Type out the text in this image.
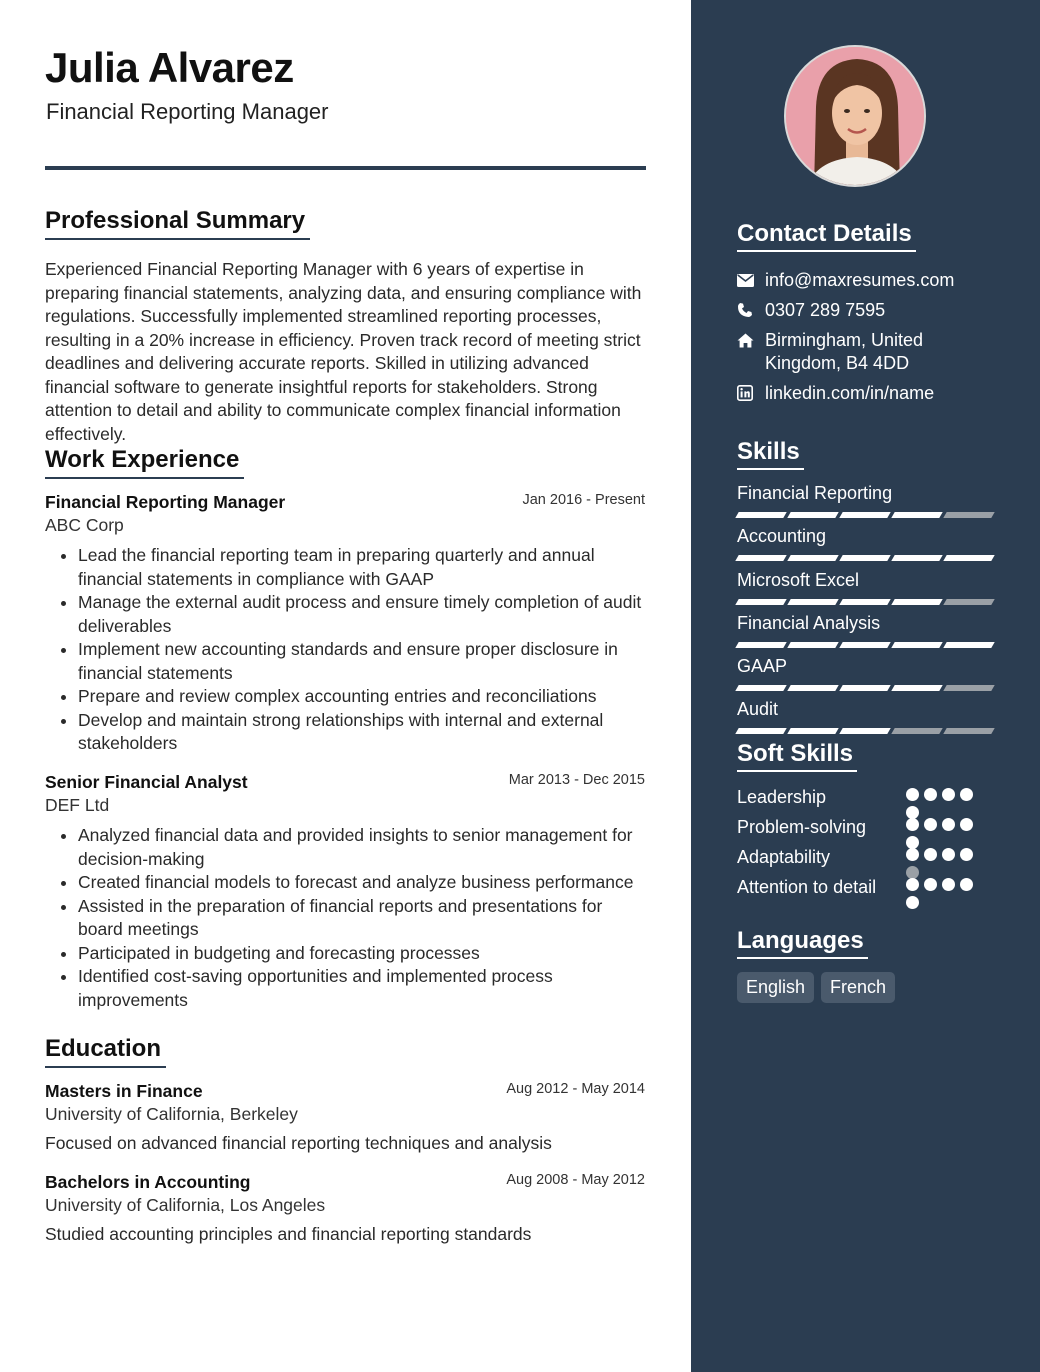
Julia Alvarez
Financial Reporting Manager
Professional Summary
Experienced Financial Reporting Manager with 6 years of expertise in preparing financial statements, analyzing data, and ensuring compliance with regulations. Successfully implemented streamlined reporting processes, resulting in a 20% increase in efficiency. Proven track record of meeting strict deadlines and delivering accurate reports. Skilled in utilizing advanced financial software to generate insightful reports for stakeholders. Strong attention to detail and ability to communicate complex financial information effectively.
Work Experience
Financial Reporting Manager	Jan 2016 - Present
ABC Corp
• Lead the financial reporting team in preparing quarterly and annual financial statements in compliance with GAAP
• Manage the external audit process and ensure timely completion of audit deliverables
• Implement new accounting standards and ensure proper disclosure in financial statements
• Prepare and review complex accounting entries and reconciliations
• Develop and maintain strong relationships with internal and external stakeholders
Senior Financial Analyst	Mar 2013 - Dec 2015
DEF Ltd
• Analyzed financial data and provided insights to senior management for decision-making
• Created financial models to forecast and analyze business performance
• Assisted in the preparation of financial reports and presentations for board meetings
• Participated in budgeting and forecasting processes
• Identified cost-saving opportunities and implemented process improvements
Education
Masters in Finance	Aug 2012 - May 2014
University of California, Berkeley
Focused on advanced financial reporting techniques and analysis
Bachelors in Accounting	Aug 2008 - May 2012
University of California, Los Angeles
Studied accounting principles and financial reporting standards
Contact Details
info@maxresumes.com
0307 289 7595
Birmingham, United
Kingdom, B4 4DD
linkedin.com/in/name
Skills
Financial Reporting
Accounting
Microsoft Excel
Financial Analysis
GAAP
Audit
Soft Skills
Leadership
Problem-solving
Adaptability
Attention to detail
Languages
English	French
